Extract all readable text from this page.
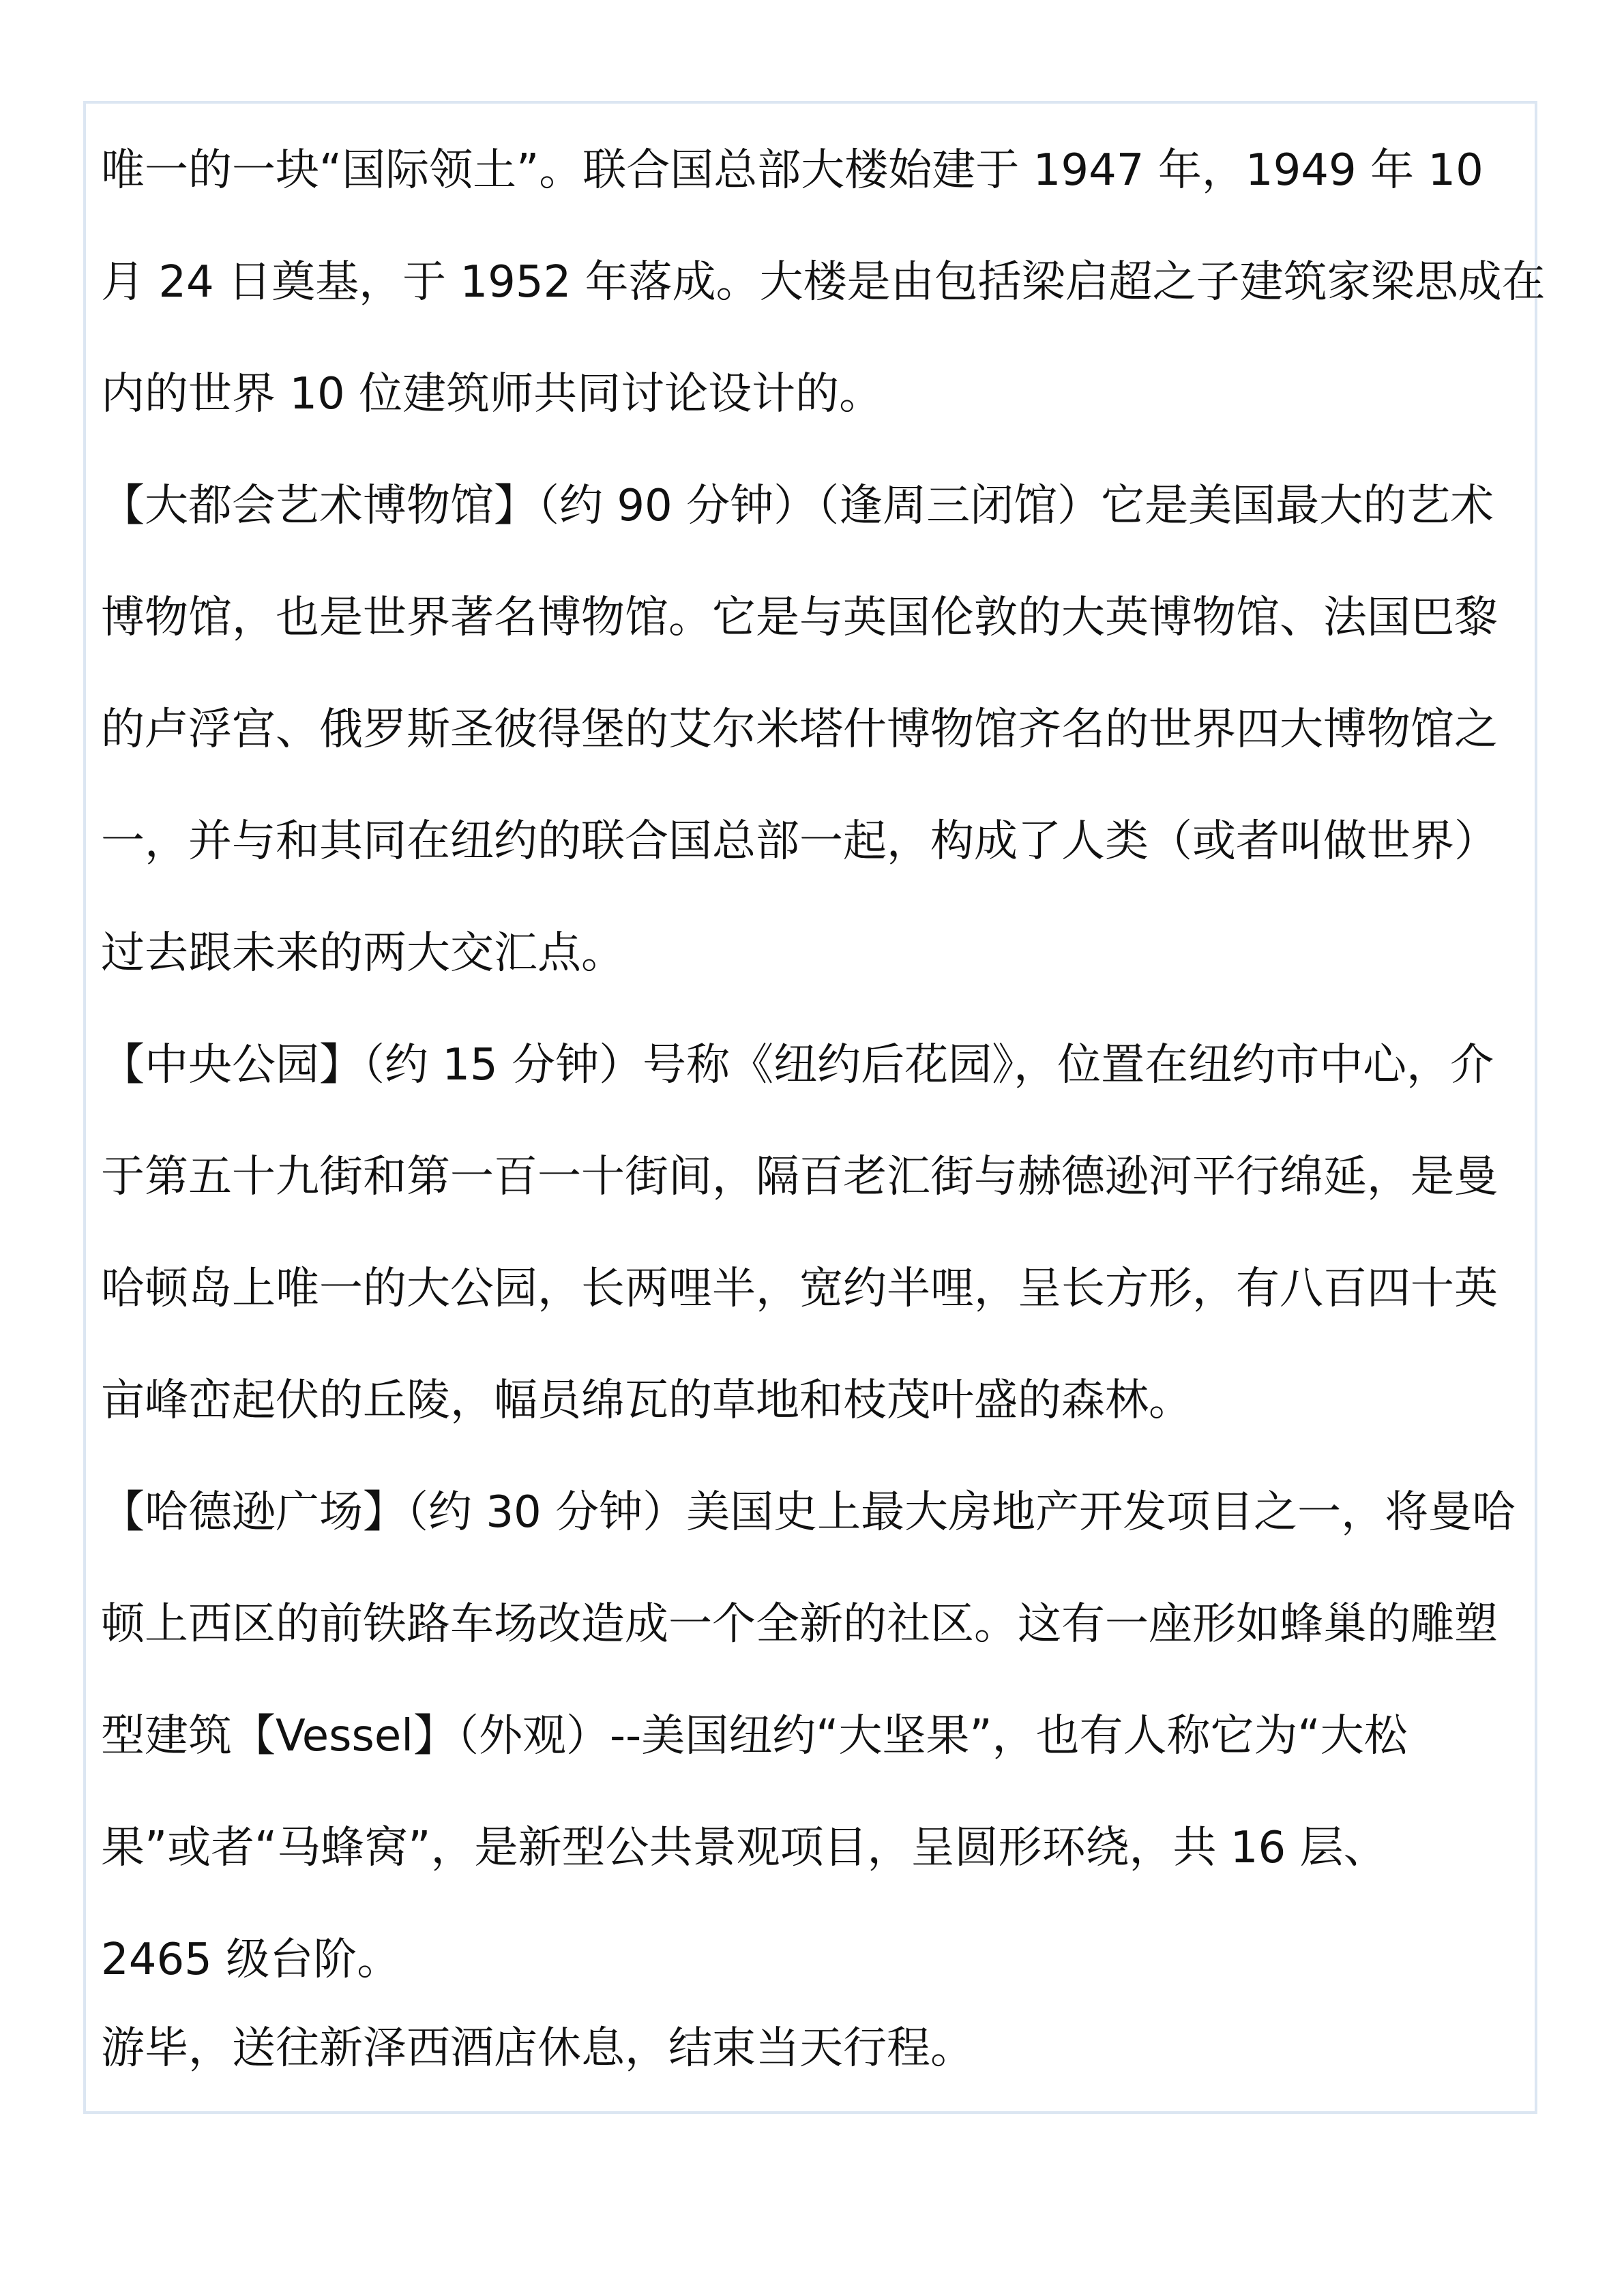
唯一的一块“国际领土”。联合国总部大楼始建于 1947 年，1949 年 10
月 24 日奠基，于 1952 年落成。大楼是由包括梁启超之子建筑家梁思成在
内的世界 10 位建筑师共同讨论设计的。
【大都会艺术博物馆】（约 90 分钟）（逢周三闭馆）它是美国最大的艺术
博物馆，也是世界著名博物馆。它是与英国伦敦的大英博物馆、法国巴黎
的卢浮宫、俄罗斯圣彼得堡的艾尔米塔什博物馆齐名的世界四大博物馆之
一，并与和其同在纽约的联合国总部一起，构成了人类（或者叫做世界）
过去跟未来的两大交汇点。
【中央公园】（约 15 分钟）号称《纽约后花园》，位置在纽约市中心，介
于第五十九街和第一百一十街间，隔百老汇街与赫德逊河平行绵延，是曼
哈顿岛上唯一的大公园，长两哩半，宽约半哩，呈长方形，有八百四十英
亩峰峦起伏的丘陵，幅员绵瓦的草地和枝茂叶盛的森林。
【哈德逊广场】（约 30 分钟）美国史上最大房地产开发项目之一，将曼哈
顿上西区的前铁路车场改造成一个全新的社区。这有一座形如蜂巢的雕塑
型建筑【Vessel】（外观）--美国纽约“大坚果”，也有人称它为“大松
果”或者“马蜂窝”，是新型公共景观项目，呈圆形环绕，共 16 层、
2465 级台阶。
游毕，送往新泽西酒店休息，结束当天行程。
